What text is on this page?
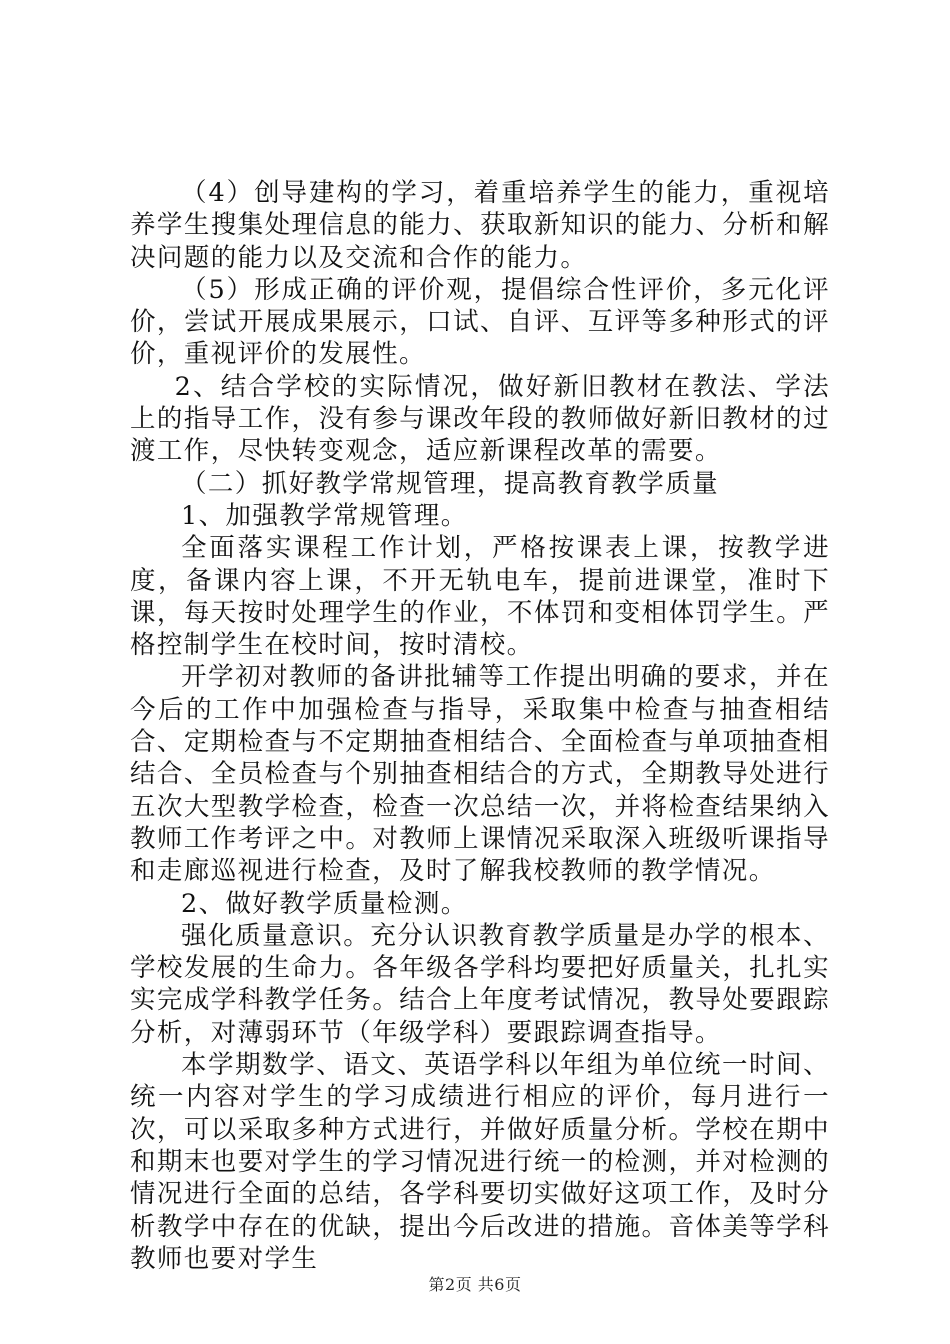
（4）创导建构的学习，着重培养学生的能力，重视培养学生搜集处理信息的能力、获取新知识的能力、分析和解决问题的能力以及交流和合作的能力。

（5）形成正确的评价观，提倡综合性评价，多元化评价，尝试开展成果展示，口试、自评、互评等多种形式的评价，重视评价的发展性。

2、结合学校的实际情况，做好新旧教材在教法、学法上的指导工作，没有参与课改年段的教师做好新旧教材的过渡工作，尽快转变观念，适应新课程改革的需要。

（二）抓好教学常规管理，提高教育教学质量

1、加强教学常规管理。

全面落实课程工作计划，严格按课表上课，按教学进度，备课内容上课，不开无轨电车，提前进课堂，准时下课，每天按时处理学生的作业，不体罚和变相体罚学生。严格控制学生在校时间，按时清校。

开学初对教师的备讲批辅等工作提出明确的要求，并在今后的工作中加强检查与指导，采取集中检查与抽查相结合、定期检查与不定期抽查相结合、全面检查与单项抽查相结合、全员检查与个别抽查相结合的方式，全期教导处进行五次大型教学检查，检查一次总结一次，并将检查结果纳入教师工作考评之中。对教师上课情况采取深入班级听课指导和走廊巡视进行检查，及时了解我校教师的教学情况。

2、做好教学质量检测。

强化质量意识。充分认识教育教学质量是办学的根本、学校发展的生命力。各年级各学科均要把好质量关，扎扎实实完成学科教学任务。结合上年度考试情况，教导处要跟踪分析，对薄弱环节（年级学科）要跟踪调查指导。

本学期数学、语文、英语学科以年组为单位统一时间、统一内容对学生的学习成绩进行相应的评价，每月进行一次，可以采取多种方式进行，并做好质量分析。学校在期中和期末也要对学生的学习情况进行统一的检测，并对检测的情况进行全面的总结，各学科要切实做好这项工作，及时分析教学中存在的优缺，提出今后改进的措施。音体美等学科教师也要对学生

第2页 共6页
